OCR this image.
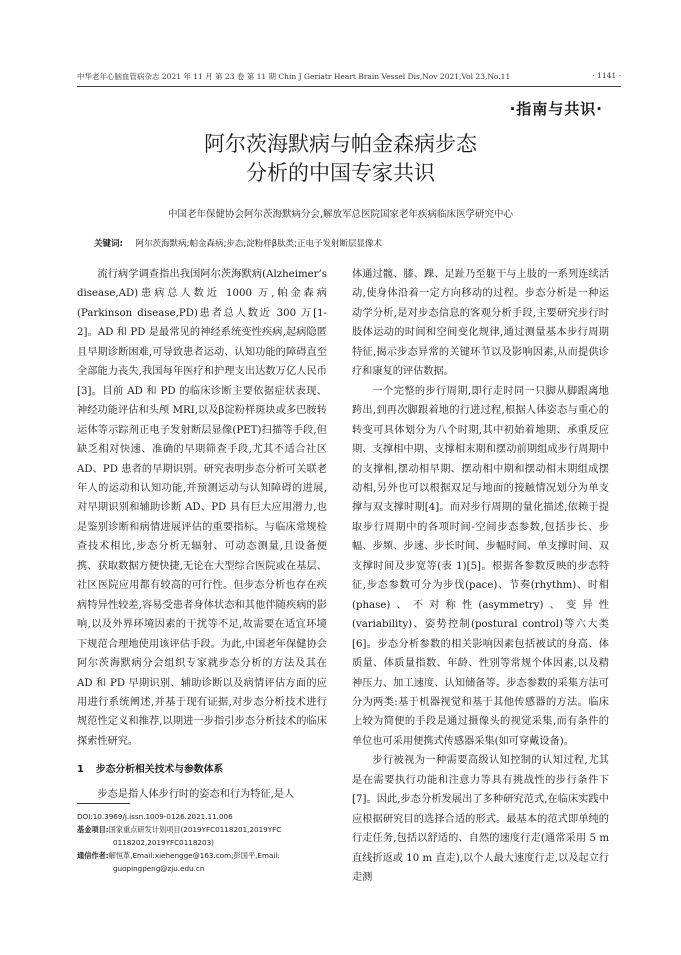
中华老年心脑血管病杂志 2021 年 11 月 第 23 卷 第 11 期 Chin J Geriatr Heart Brain Vessel Dis,Nov 2021,Vol 23,No.11	· 1141 ·
·指南与共识·
阿尔茨海默病与帕金森病步态
分析的中国专家共识
中国老年保健协会阿尔茨海默病分会,解放军总医院国家老年疾病临床医学研究中心
关键词: 阿尔茨海默病;帕金森病;步态;淀粉样β肽类;正电子发射断层显像术

流行病学调查指出我国阿尔茨海默病(Alzheimer’s disease,AD)患病总人数近 1000 万,帕金森病(Parkinson disease,PD)患者总人数近 300 万[1-2]。AD 和 PD 是最常见的神经系统变性疾病,起病隐匿且早期诊断困难,可导致患者运动、认知功能的障碍直至全部能力丧失,我国每年医疗和护理支出达数万亿人民币[3]。目前 AD 和 PD 的临床诊断主要依据症状表现、神经功能评估和头颅 MRI,以及β淀粉样斑块或多巴胺转运体等示踪剂正电子发射断层显像(PET)扫描等手段,但缺乏相对快速、准确的早期筛查手段,尤其不适合社区 AD、PD 患者的早期识别。研究表明步态分析可关联老年人的运动和认知功能,并预测运动与认知障碍的进展,对早期识别和辅助诊断 AD、PD 具有巨大应用潜力,也是鉴别诊断和病情进展评估的重要指标。与临床常规检查技术相比,步态分析无辐射、可动态测量,且设备便携、获取数据方便快捷,无论在大型综合医院或在基层、社区医院应用都有较高的可行性。但步态分析也存在疾病特异性较差,容易受患者身体状态和其他伴随疾病的影响,以及外界环境因素的干扰等不足,故需要在适宜环境下规范合理地使用该评估手段。为此,中国老年保健协会阿尔茨海默病分会组织专家就步态分析的方法及其在 AD 和 PD 早期识别、辅助诊断以及病情评估方面的应用进行系统阐述,并基于现有证据,对步态分析技术进行规范性定义和推荐,以期进一步指引步态分析技术的临床探索性研究。

1 步态分析相关技术与参数体系

步态是指人体步行时的姿态和行为特征,是人

体通过髋、膝、踝、足趾乃至躯干与上肢的一系列连续活动,使身体沿着一定方向移动的过程。步态分析是一种运动学分析,是对步态信息的客观分析手段,主要研究步行时肢体运动的时间和空间变化规律,通过测量基本步行周期特征,揭示步态异常的关键环节以及影响因素,从而提供诊疗和康复的评估数据。

一个完整的步行周期,即行走时同一只脚从脚跟离地跨出,到再次脚跟着地的行进过程,根据人体姿态与重心的转变可具体划分为八个时期,其中初始着地期、承重反应期、支撑相中期、支撑相末期和摆动前期组成步行周期中的支撑相,摆动相早期、摆动相中期和摆动相末期组成摆动相,另外也可以根据双足与地面的接触情况划分为单支撑与双支撑时期[4]。而对步行周期的量化描述,依赖于提取步行周期中的各项时间-空间步态参数,包括步长、步幅、步频、步速、步长时间、步幅时间、单支撑时间、双支撑时间及步宽等(表 1)[5]。根据各参数反映的步态特征,步态参数可分为步伐(pace)、节奏(rhythm)、时相(phase)、不对称性(asymmetry)、变异性(variability)、姿势控制(postural control)等六大类[6]。步态分析参数的相关影响因素包括被试的身高、体质量、体质量指数、年龄、性别等常规个体因素,以及精神压力、加工速度、认知储备等。步态参数的采集方法可分为两类:基于机器视觉和基于其他传感器的方法。临床上较为简便的手段是通过摄像头的视觉采集,而有条件的单位也可采用便携式传感器采集(如可穿戴设备)。

步行被视为一种需要高级认知控制的认知过程,尤其是在需要执行功能和注意力等具有挑战性的步行条件下[7]。因此,步态分析发展出了多种研究范式,在临床实践中应根据研究目的选择合适的形式。最基本的范式即单纯的行走任务,包括以舒适的、自然的速度行走(通常采用 5 m 直线折返或 10 m 直走),以个人最大速度行走,以及起立行走测

DOI:10.3969/j.issn.1009-0126.2021.11.006
基金项目:国家重点研发计划项目(2019YFC0118201,2019YFC
0118202,2019YFC0118203)
通信作者:解恒革,Email:xiehengge@163.com;彭国平,Email:
guopingpeng@zju.edu.cn
